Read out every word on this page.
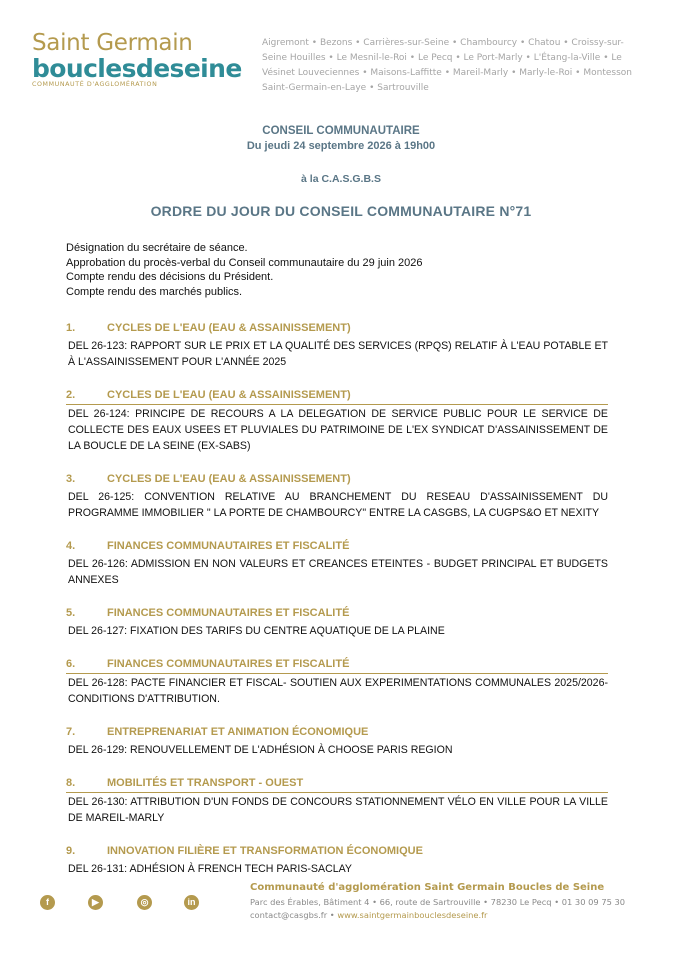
Saint Germain
bouclesdeseine
COMMUNAUTÉ D'AGGLOMÉRATION
Aigremont • Bezons • Carrières-sur-Seine • Chambourcy • Chatou • Croissy-sur-Seine Houilles • Le Mesnil-le-Roi • Le Pecq • Le Port-Marly • L'Étang-la-Ville • Le Vésinet Louveciennes • Maisons-Laffitte • Mareil-Marly • Marly-le-Roi • Montesson Saint-Germain-en-Laye • Sartrouville
CONSEIL COMMUNAUTAIRE
Du jeudi 24 septembre 2026 à 19h00
à la C.A.S.G.B.S
ORDRE DU JOUR DU CONSEIL COMMUNAUTAIRE N°71
Désignation du secrétaire de séance.
Approbation du procès-verbal du Conseil communautaire du 29 juin 2026
Compte rendu des décisions du Président.
Compte rendu des marchés publics.
1.	CYCLES DE L'EAU (EAU & ASSAINISSEMENT)
DEL 26-123: RAPPORT SUR LE PRIX ET LA QUALITÉ DES SERVICES (RPQS) RELATIF À L'EAU POTABLE ET À L'ASSAINISSEMENT POUR L'ANNÉE 2025
2.	CYCLES DE L'EAU (EAU & ASSAINISSEMENT)
DEL 26-124: PRINCIPE DE RECOURS A LA DELEGATION DE SERVICE PUBLIC POUR LE SERVICE DE COLLECTE DES EAUX USEES ET PLUVIALES DU PATRIMOINE DE L'EX SYNDICAT D'ASSAINISSEMENT DE LA BOUCLE DE LA SEINE (EX-SABS)
3.	CYCLES DE L'EAU (EAU & ASSAINISSEMENT)
DEL 26-125: CONVENTION RELATIVE AU BRANCHEMENT DU RESEAU D'ASSAINISSEMENT DU PROGRAMME IMMOBILIER " LA PORTE DE CHAMBOURCY" ENTRE LA CASGBS, LA CUGPS&O ET NEXITY
4.	FINANCES COMMUNAUTAIRES ET FISCALITÉ
DEL 26-126: ADMISSION EN NON VALEURS ET CREANCES ETEINTES - BUDGET PRINCIPAL ET BUDGETS ANNEXES
5.	FINANCES COMMUNAUTAIRES ET FISCALITÉ
DEL 26-127: FIXATION DES TARIFS DU CENTRE AQUATIQUE DE LA PLAINE
6.	FINANCES COMMUNAUTAIRES ET FISCALITÉ
DEL 26-128: PACTE FINANCIER ET FISCAL- SOUTIEN AUX EXPERIMENTATIONS COMMUNALES 2025/2026- CONDITIONS D'ATTRIBUTION.
7.	ENTREPRENARIAT ET ANIMATION ÉCONOMIQUE
DEL 26-129: RENOUVELLEMENT DE L'ADHÉSION À CHOOSE PARIS REGION
8.	MOBILITÉS ET TRANSPORT - OUEST
DEL 26-130: ATTRIBUTION D'UN FONDS DE CONCOURS STATIONNEMENT VÉLO EN VILLE POUR LA VILLE DE MAREIL-MARLY
9.	INNOVATION FILIÈRE ET TRANSFORMATION ÉCONOMIQUE
DEL 26-131: ADHÉSION À FRENCH TECH PARIS-SACLAY
f	▶	◎	in
Communauté d'agglomération Saint Germain Boucles de Seine
Parc des Érables, Bâtiment 4 • 66, route de Sartrouville • 78230 Le Pecq • 01 30 09 75 30
contact@casgbs.fr • www.saintgermainbouclesdeseine.fr
